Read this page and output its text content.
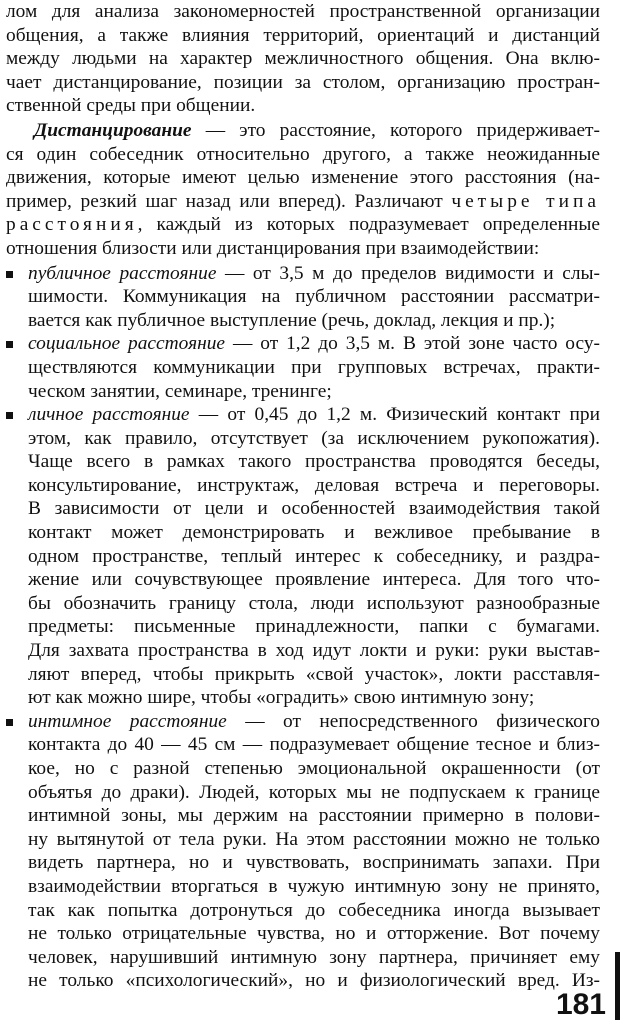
лом для анализа закономерностей пространственной организации
общения, а также влияния территорий, ориентаций и дистанций
между людьми на характер межличностного общения. Она вклю-
чает дистанцирование, позиции за столом, организацию простран-
ственной среды при общении.
Дистанцирование — это расстояние, которого придерживает-
ся один собеседник относительно другого, а также неожиданные
движения, которые имеют целью изменение этого расстояния (на-
пример, резкий шаг назад или вперед). Различают четыре типа
расстояния, каждый из которых подразумевает определенные
отношения близости или дистанцирования при взаимодействии:
публичное расстояние — от 3,5 м до пределов видимости и слы-
шимости. Коммуникация на публичном расстоянии рассматри-
вается как публичное выступление (речь, доклад, лекция и пр.);
социальное расстояние — от 1,2 до 3,5 м. В этой зоне часто осу-
ществляются коммуникации при групповых встречах, практи-
ческом занятии, семинаре, тренинге;
личное расстояние — от 0,45 до 1,2 м. Физический контакт при
этом, как правило, отсутствует (за исключением рукопожатия).
Чаще всего в рамках такого пространства проводятся беседы,
консультирование, инструктаж, деловая встреча и переговоры.
В зависимости от цели и особенностей взаимодействия такой
контакт может демонстрировать и вежливое пребывание в
одном пространстве, теплый интерес к собеседнику, и раздра-
жение или сочувствующее проявление интереса. Для того что-
бы обозначить границу стола, люди используют разнообразные
предметы: письменные принадлежности, папки с бумагами.
Для захвата пространства в ход идут локти и руки: руки выстав-
ляют вперед, чтобы прикрыть «свой участок», локти расставля-
ют как можно шире, чтобы «оградить» свою интимную зону;
интимное расстояние — от непосредственного физического
контакта до 40 — 45 см — подразумевает общение тесное и близ-
кое, но с разной степенью эмоциональной окрашенности (от
объятья до драки). Людей, которых мы не подпускаем к границе
интимной зоны, мы держим на расстоянии примерно в полови-
ну вытянутой от тела руки. На этом расстоянии можно не только
видеть партнера, но и чувствовать, воспринимать запахи. При
взаимодействии вторгаться в чужую интимную зону не принято,
так как попытка дотронуться до собеседника иногда вызывает
не только отрицательные чувства, но и отторжение. Вот почему
человек, нарушивший интимную зону партнера, причиняет ему
не только «психологический», но и физиологический вред. Из-
181
